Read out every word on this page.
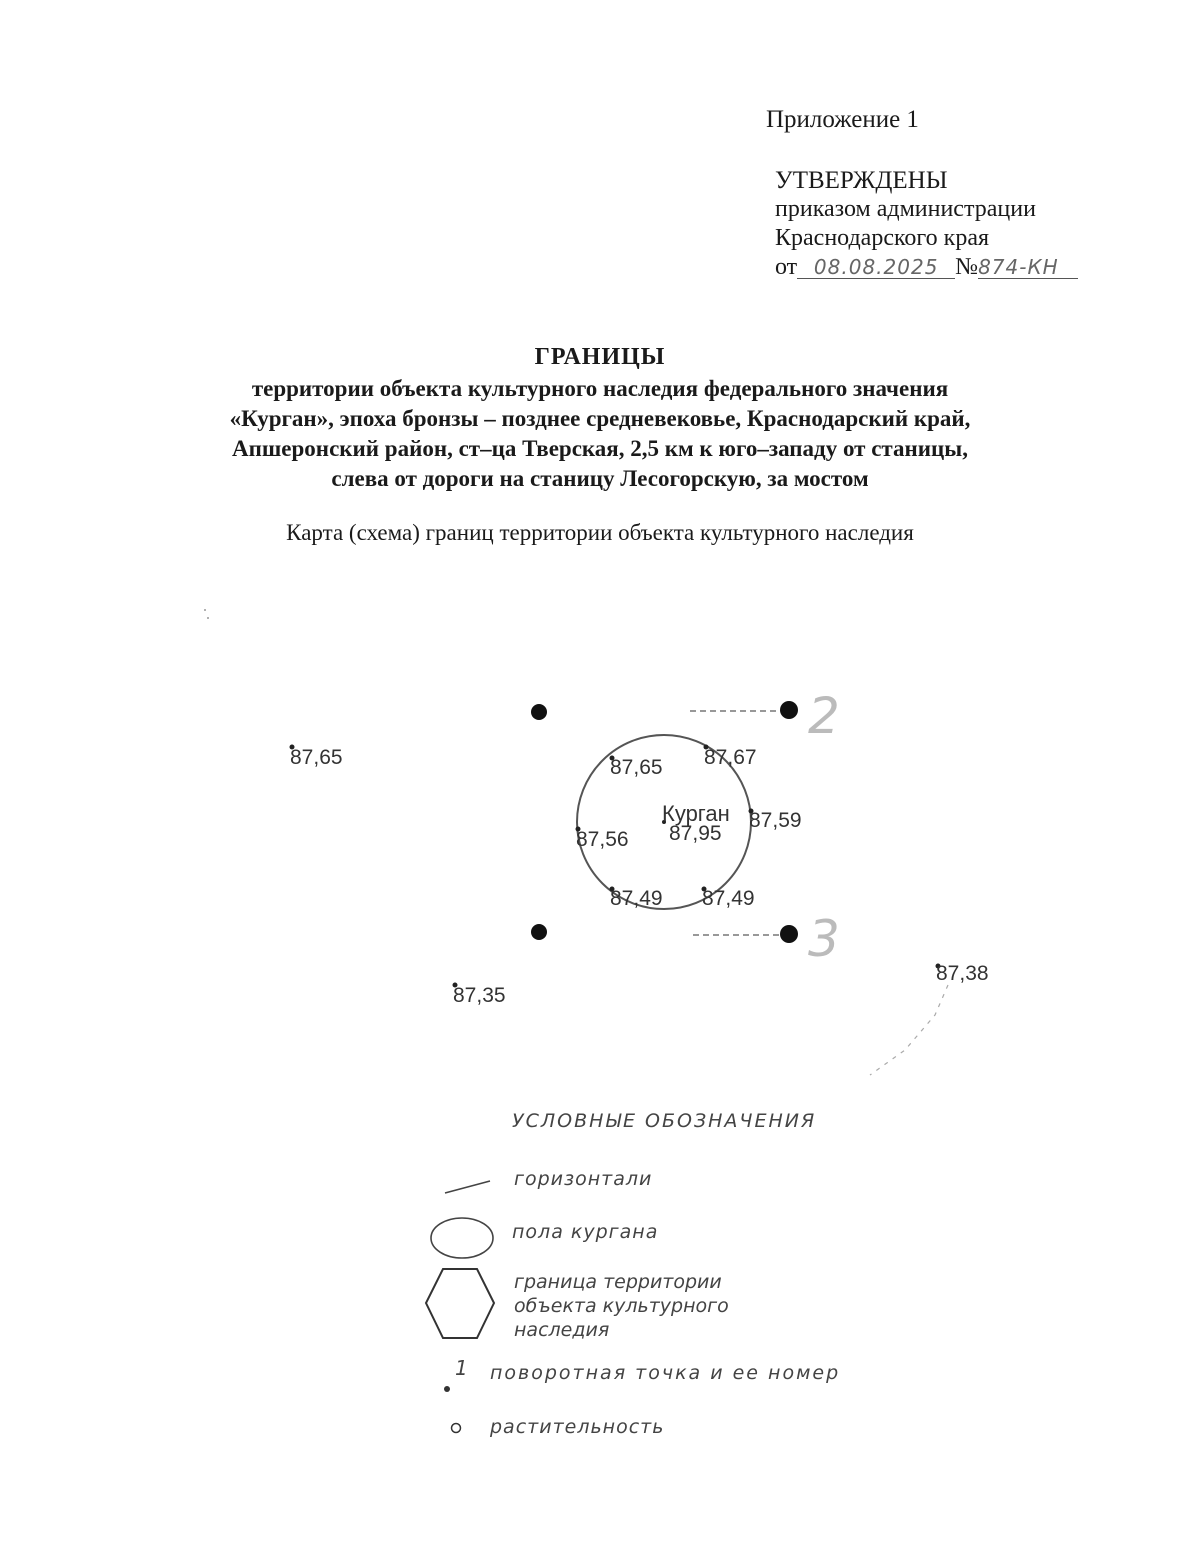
Приложение 1
УТВЕРЖДЕНЫ
приказом администрации
Краснодарского края
от 08.08.2025 №874-КН
ГРАНИЦЫ
территории объекта культурного наследия федерального значения
«Курган», эпоха бронзы – позднее средневековье, Краснодарский край,
Апшеронский район, ст–ца Тверская, 2,5 км к юго–западу от станицы,
слева от дороги на станицу Лесогорскую, за мостом
Карта (схема) границ территории объекта культурного наследия
2
3
87,65	87,65 87,67
87,59
87,56
87,49 87,49
87,35
87,38
Курган
87,95
УСЛОВНЫЕ ОБОЗНАЧЕНИЯ
горизонтали
пола кургана
граница территории
объекта культурного
наследия
1 поворотная точка и ее номер
растительность
